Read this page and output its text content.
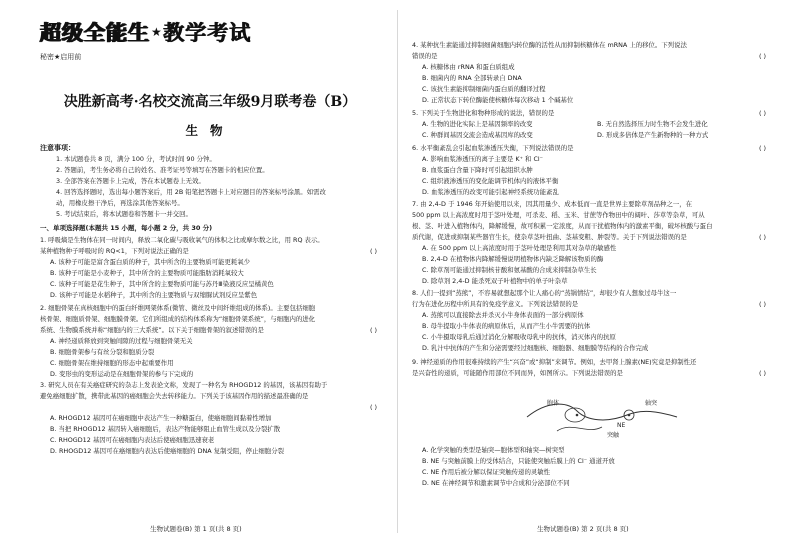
超级全能生 ★ 教学考试
秘密★启用前
决胜新高考·名校交流高三年级9月联考卷（B）
生物
注意事项：
1. 本试题卷共 8 页，满分 100 分，考试时间 90 分钟。
2. 答题前，考生务必将自己的姓名、准考证号等填写在答题卡的相应位置。
3. 全部答案在答题卡上完成，答在本试题卷上无效。
4. 回答选择题时，选出每小题答案后，用 2B 铅笔把答题卡上对应题目的答案标号涂黑。如需改
动，用橡皮擦干净后，再选涂其他答案标号。
5. 考试结束后，将本试题卷和答题卡一并交回。
一、单项选择题(本题共 15 小题，每小题 2 分，共 30 分)
1. 呼吸熵是生物体在同一时间内，释放二氧化碳与吸收氧气的体积之比或摩尔数之比，用 RQ 表示。
( )
某种植物种子呼吸时的 RQ<1，下列对说法正确的是
A. 该种子可能是富含蛋白质的种子，其中所含的主要物质可能更耗氧少
B. 该种子可能是小麦种子，其中所含的主要物质可能脂肪消耗氧较大
C. 该种子可能是花生种子，其中所含的主要物质可能与苏丹Ⅲ染液反应呈橘黄色
D. 该种子可能是水稻种子，其中所含的主要物质与双缩脲试剂反应呈紫色
2. 细胞骨架在真核细胞中的蛋白纤维网架体系(微管、微丝及中间纤维组成的体系)。主要包括细胞
核骨架、细胞质骨架、细胞膜骨架。它们所组成的结构体系称为“细胞骨架系统”，与细胞内的进化
( )
系统、生物膜系统并称“细胞内的三大系统”。以下关于细胞骨架的叙述错误的是
A. 神经递质释放到突触间隙的过程与细胞骨架无关
B. 细胞骨架参与有丝分裂和胞质分裂
C. 细胞骨架在维持细胞的形态中起重要作用
D. 变形虫的变形运动是在细胞骨架的参与下完成的
3. 研究人员在有关癌症研究的杂志上发表论文称，发现了一种名为 RHOGD12 的基因，该基因有助于
避免癌细胞扩散，携带此基因的癌细胞会失去转移能力。下列关于该基因作用的描述最准确的是
( )

A. RHOGD12 基因可在癌细胞中表达产生一种糖蛋白，使癌细胞间黏着性增加
B. 当把 RHOGD12 基因转入癌细胞后，表达产物能够阻止血管生成以及分裂扩散
C. RHOGD12 基因可在癌细胞内表达后使癌细胞迅速衰老
D. RHOGD12 基因可在癌细胞内表达后使癌细胞的 DNA 复制受阻，停止细胞分裂
生物试题卷(B) 第 1 页(共 8 页)
4. 某种抗生素能通过抑制细菌细胞内转位酶的活性从而抑制核糖体在 mRNA 上的移位。下列说法
( )
错误的是
A. 核糖体由 rRNA 和蛋白质组成
B. 细菌内的 RNA 全部转录自 DNA
C. 该抗生素能抑制细菌内蛋白质的翻译过程
D. 正常状态下转位酶能使核糖体每次移动 1 个碱基位
( )
5. 下列关于生物进化和物种形成的说法，错误的是
A. 生物的进化实际上是基因频率的改变	B. 无自然选择压力时生物不会发生进化
C. 种群间基因交流会造成基因库的改变	D. 形成多倍体是产生新物种的一种方式
( )
6. 水平衡紊乱会引起血浆渗透压失衡，下列说法错误的是
A. 影响血浆渗透压的离子主要是 K⁺ 和 Cl⁻
B. 血浆蛋白含量下降时可引起组织水肿
C. 组织液渗透压的变化能调节机体内的液体平衡
D. 血浆渗透压的改变可能引起神经系统功能紊乱
7. 由 2,4-D 于 1946 年开始使用以来，因其用量少、成本低而一直是世界主要除草剂品种之一，在
500 ppm 以上高浓度时用于茎叶处理，可杀麦、稻、玉米、甘蔗等作物田中的阔叶、莎草等杂草，可从
根、茎、叶进入植物体内，降解缓慢，故可积累一定浓度，从而干扰植物体内的激素平衡，破坏核酸与蛋白
( )
质代谢，促进或抑制某些器官生长，使杂草茎叶扭曲、茎基变粗、肿裂等。关于下列说法错误的是
A. 在 500 ppm 以上高浓度时用于茎叶处理是利用其对杂草的敏感性
B. 2,4-D 在植物体内降解缓慢说明植物体内缺乏降解该物质的酶
C. 除草剂可能通过抑制核苷酸和氨基酸的合成来抑制杂草生长
D. 除草剂 2,4-D 能杀死双子叶植物中的单子叶杂草
8. 人们一提到“蒸熊”，不容易就想起那个让人痛心的“蒸锅情结”，却很少有人想象过母牛这一
( )
行为在进化历程中所具有的免疫学意义。下列说法错误的是
A. 蒸熊可以直接除去并杀灭小牛身体表面的一部分病原体
B. 母牛提取小牛体表的病原体后，从而产生小牛需要的抗体
C. 小牛摄取母乳后通过消化分解吸收母乳中的抗体，消灭体内的抗原
D. 乳汁中抗体的产生和分泌需要经过细胞核、细胞器、细胞膜等结构的合作完成
9. 神经递质的作用很难持续的产生“兴奋”或“抑制”来调节。例如，去甲肾上腺素(NE)究竟是抑制性还
( )
是兴奋性的递质，可能随作用部位不同而异，如图所示。下列说法错误的是
胞体	轴突
突触
NE
A. 化学突触的类型是轴突—胞体型和轴突—树突型
B. NE 与突触前膜上的受体结合，只能使突触后膜上的 Cl⁻ 通道开放
C. NE 作用后被分解以保证突触传递的灵敏性
D. NE 在神经调节和激素调节中合成和分泌部位不同
生物试题卷(B) 第 2 页(共 8 页)
